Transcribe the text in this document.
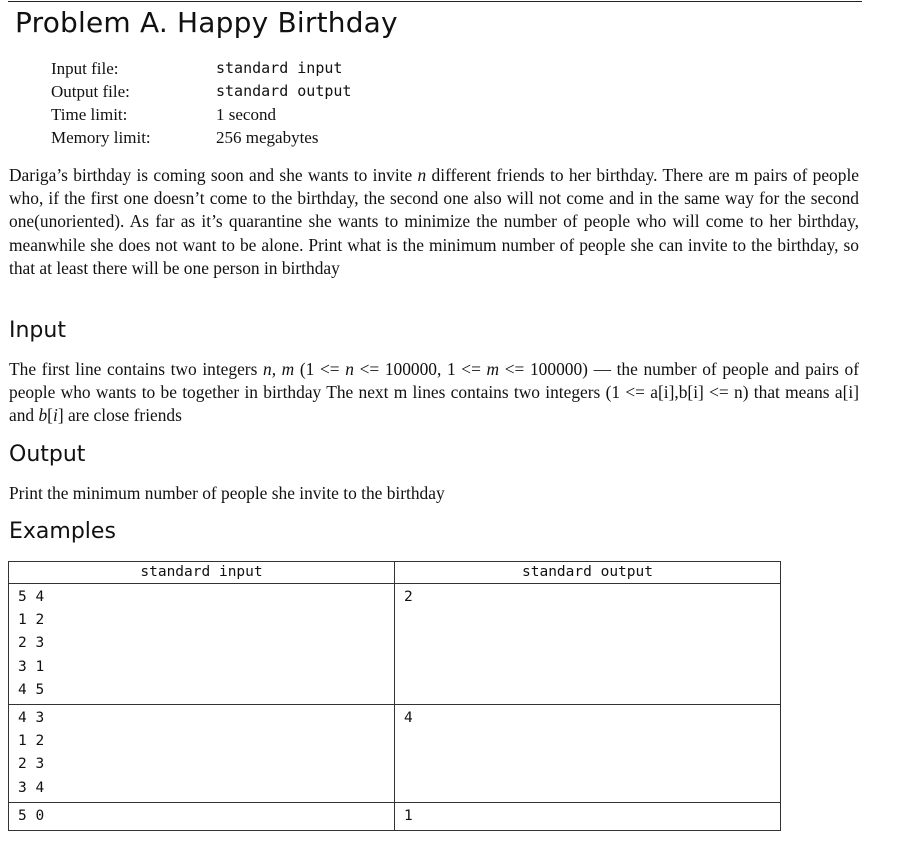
Problem A. Happy Birthday
Input file:	standard input
Output file:	standard output
Time limit:	1 second
Memory limit:	256 megabytes

Dariga’s birthday is coming soon and she wants to invite n different friends to her birthday. There are m pairs of people who, if the first one doesn’t come to the birthday, the second one also will not come and in the same way for the second one(unoriented). As far as it’s quarantine she wants to minimize the number of people who will come to her birthday, meanwhile she does not want to be alone. Print what is the minimum number of people she can invite to the birthday, so that at least there will be one person in birthday

Input

The first line contains two integers n, m (1 <= n <= 100000, 1 <= m <= 100000) — the number of people and pairs of people who wants to be together in birthday The next m lines contains two integers (1 <= a[i],b[i] <= n) that means a[i] and b[i] are close friends

Output

Print the minimum number of people she invite to the birthday

Examples
standard input	standard output

5 4
1 2
2 3
3 1
4 5	2

4 3
1 2
2 3
3 4	4

5 0	1
